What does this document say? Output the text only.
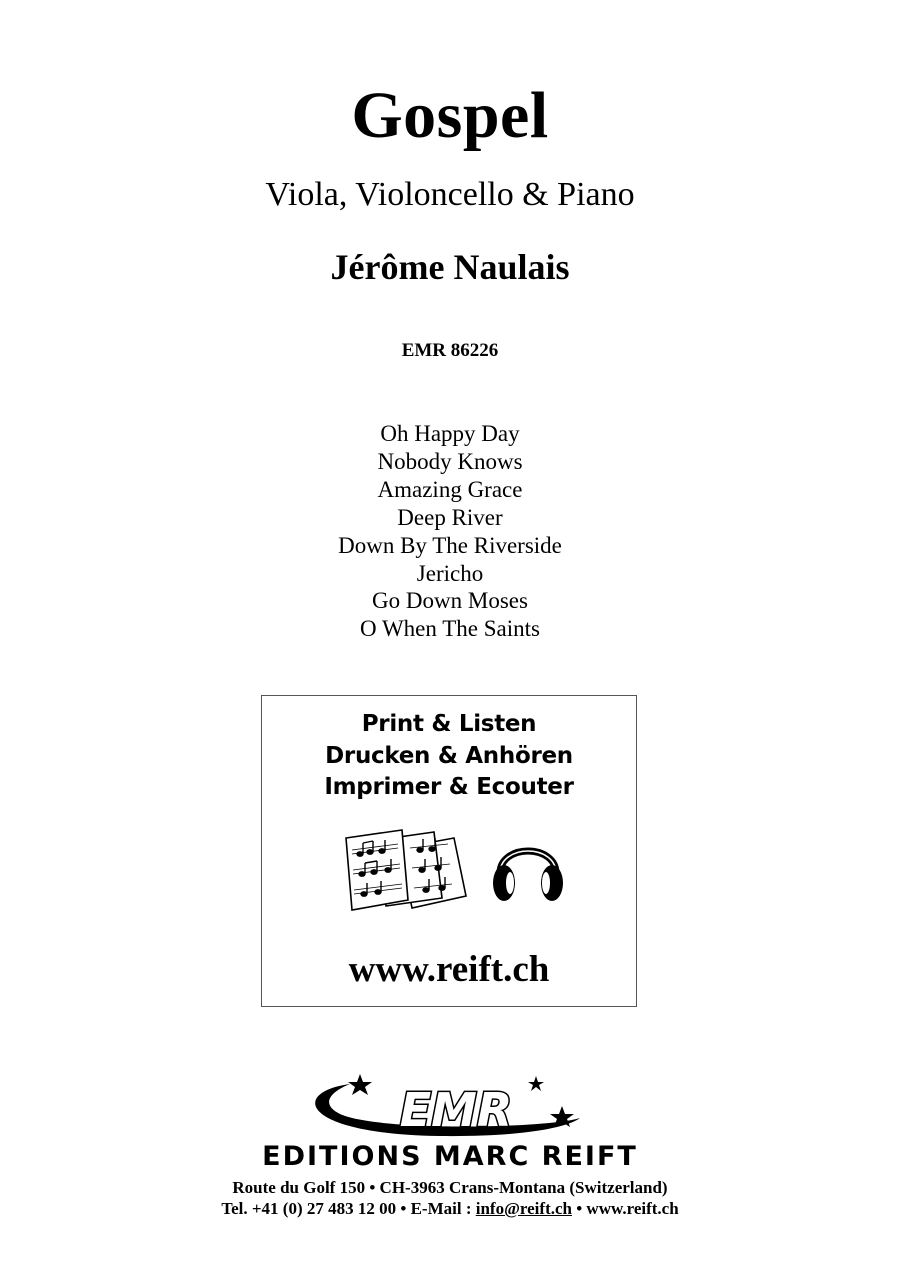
Gospel
Viola, Violoncello & Piano
Jérôme Naulais
EMR 86226
Oh Happy Day
Nobody Knows
Amazing Grace
Deep River
Down By The Riverside
Jericho
Go Down Moses
O When The Saints
Print & Listen
Drucken & Anhören
Imprimer & Ecouter
www.reift.ch
EMR
EDITIONS MARC REIFT
Route du Golf 150 • CH-3963 Crans-Montana (Switzerland)
Tel. +41 (0) 27 483 12 00 • E-Mail : info@reift.ch • www.reift.ch
